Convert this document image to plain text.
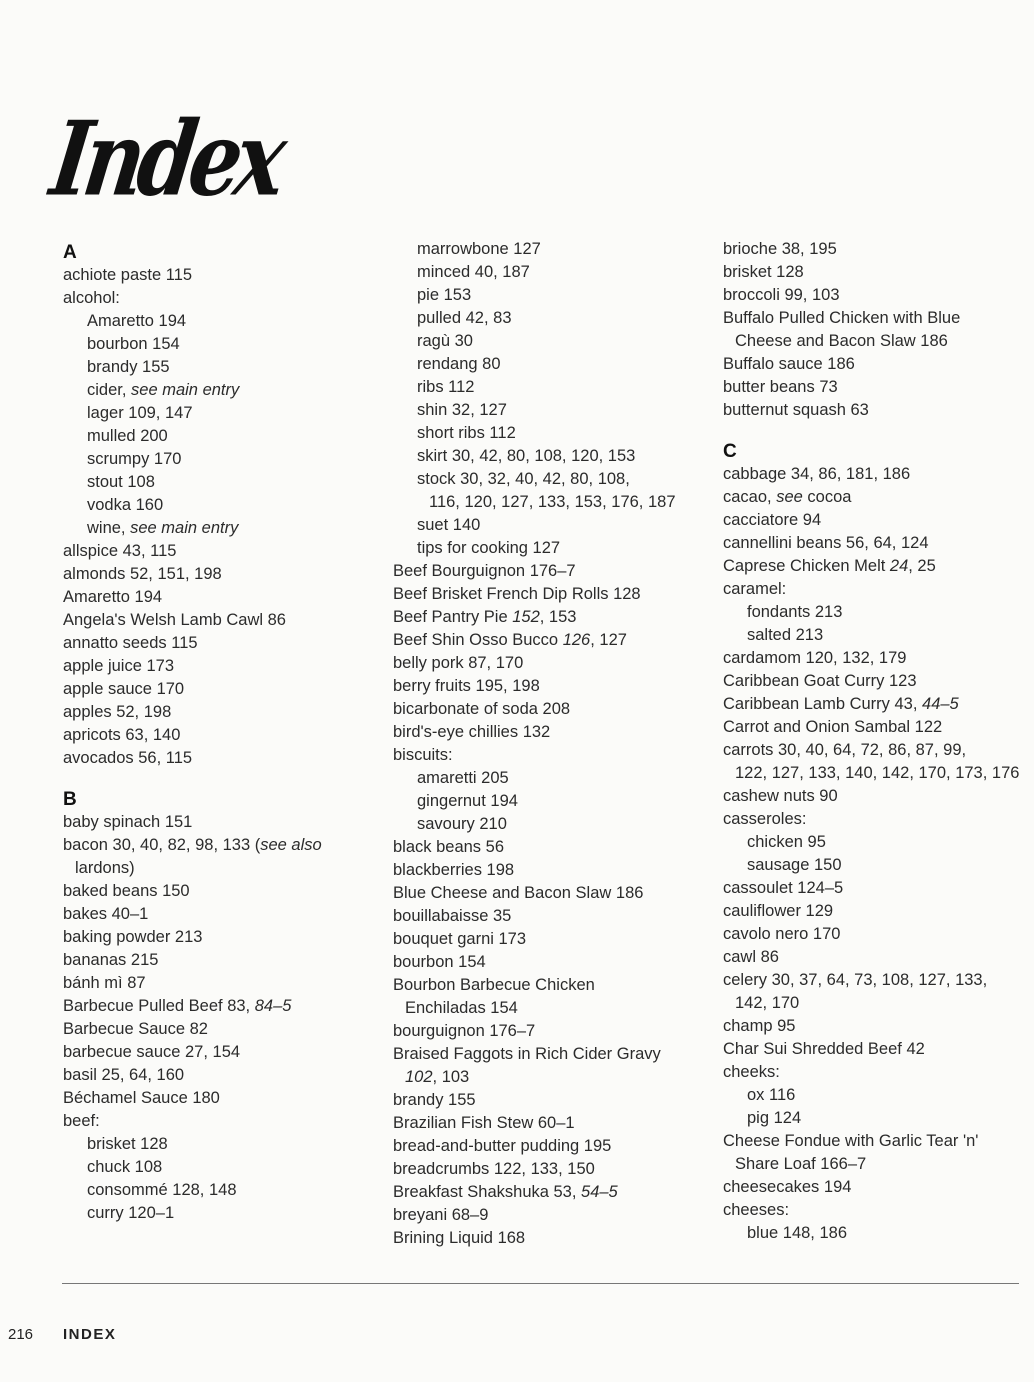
Index
A
achiote paste 115
alcohol:
Amaretto 194
bourbon 154
brandy 155
cider, see main entry
lager 109, 147
mulled 200
scrumpy 170
stout 108
vodka 160
wine, see main entry
allspice 43, 115
almonds 52, 151, 198
Amaretto 194
Angela's Welsh Lamb Cawl 86
annatto seeds 115
apple juice 173
apple sauce 170
apples 52, 198
apricots 63, 140
avocados 56, 115
B
baby spinach 151
bacon 30, 40, 82, 98, 133 (see also
lardons)
baked beans 150
bakes 40–1
baking powder 213
bananas 215
bánh mì 87
Barbecue Pulled Beef 83, 84–5
Barbecue Sauce 82
barbecue sauce 27, 154
basil 25, 64, 160
Béchamel Sauce 180
beef:
brisket 128
chuck 108
consommé 128, 148
curry 120–1
marrowbone 127
minced 40, 187
pie 153
pulled 42, 83
ragù 30
rendang 80
ribs 112
shin 32, 127
short ribs 112
skirt 30, 42, 80, 108, 120, 153
stock 30, 32, 40, 42, 80, 108,
116, 120, 127, 133, 153, 176, 187
suet 140
tips for cooking 127
Beef Bourguignon 176–7
Beef Brisket French Dip Rolls 128
Beef Pantry Pie 152, 153
Beef Shin Osso Bucco 126, 127
belly pork 87, 170
berry fruits 195, 198
bicarbonate of soda 208
bird's-eye chillies 132
biscuits:
amaretti 205
gingernut 194
savoury 210
black beans 56
blackberries 198
Blue Cheese and Bacon Slaw 186
bouillabaisse 35
bouquet garni 173
bourbon 154
Bourbon Barbecue Chicken
Enchiladas 154
bourguignon 176–7
Braised Faggots in Rich Cider Gravy
102, 103
brandy 155
Brazilian Fish Stew 60–1
bread-and-butter pudding 195
breadcrumbs 122, 133, 150
Breakfast Shakshuka 53, 54–5
breyani 68–9
Brining Liquid 168
brioche 38, 195
brisket 128
broccoli 99, 103
Buffalo Pulled Chicken with Blue
Cheese and Bacon Slaw 186
Buffalo sauce 186
butter beans 73
butternut squash 63
C
cabbage 34, 86, 181, 186
cacao, see cocoa
cacciatore 94
cannellini beans 56, 64, 124
Caprese Chicken Melt 24, 25
caramel:
fondants 213
salted 213
cardamom 120, 132, 179
Caribbean Goat Curry 123
Caribbean Lamb Curry 43, 44–5
Carrot and Onion Sambal 122
carrots 30, 40, 64, 72, 86, 87, 99,
122, 127, 133, 140, 142, 170, 173, 176
cashew nuts 90
casseroles:
chicken 95
sausage 150
cassoulet 124–5
cauliflower 129
cavolo nero 170
cawl 86
celery 30, 37, 64, 73, 108, 127, 133,
142, 170
champ 95
Char Sui Shredded Beef 42
cheeks:
ox 116
pig 124
Cheese Fondue with Garlic Tear 'n'
Share Loaf 166–7
cheesecakes 194
cheeses:
blue 148, 186
216 INDEX
